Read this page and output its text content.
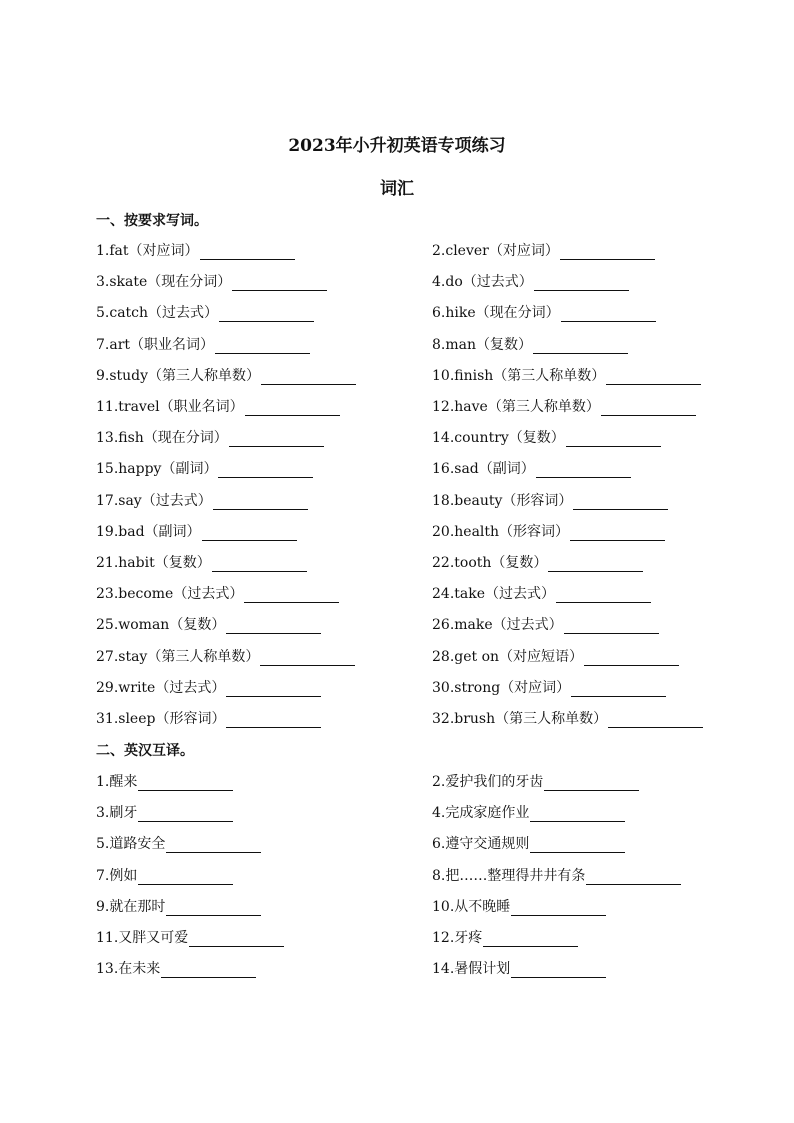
2023年小升初英语专项练习
词汇
一、按要求写词。
1.fat（对应词）	2.clever（对应词）
3.skate（现在分词）	4.do（过去式）
5.catch（过去式）	6.hike（现在分词）
7.art（职业名词）	8.man（复数）
9.study（第三人称单数）	10.finish（第三人称单数）
11.travel（职业名词）	12.have（第三人称单数）
13.fish（现在分词）	14.country（复数）
15.happy（副词）	16.sad（副词）
17.say（过去式）	18.beauty（形容词）
19.bad（副词）	20.health（形容词）
21.habit（复数）	22.tooth（复数）
23.become（过去式）	24.take（过去式）
25.woman（复数）	26.make（过去式）
27.stay（第三人称单数）	28.get on（对应短语）
29.write（过去式）	30.strong（对应词）
31.sleep（形容词）	32.brush（第三人称单数）
二、英汉互译。
1.醒来	2.爱护我们的牙齿
3.刷牙	4.完成家庭作业
5.道路安全	6.遵守交通规则
7.例如	8.把……整理得井井有条
9.就在那时	10.从不晚睡
11.又胖又可爱	12.牙疼
13.在未来	14.暑假计划
